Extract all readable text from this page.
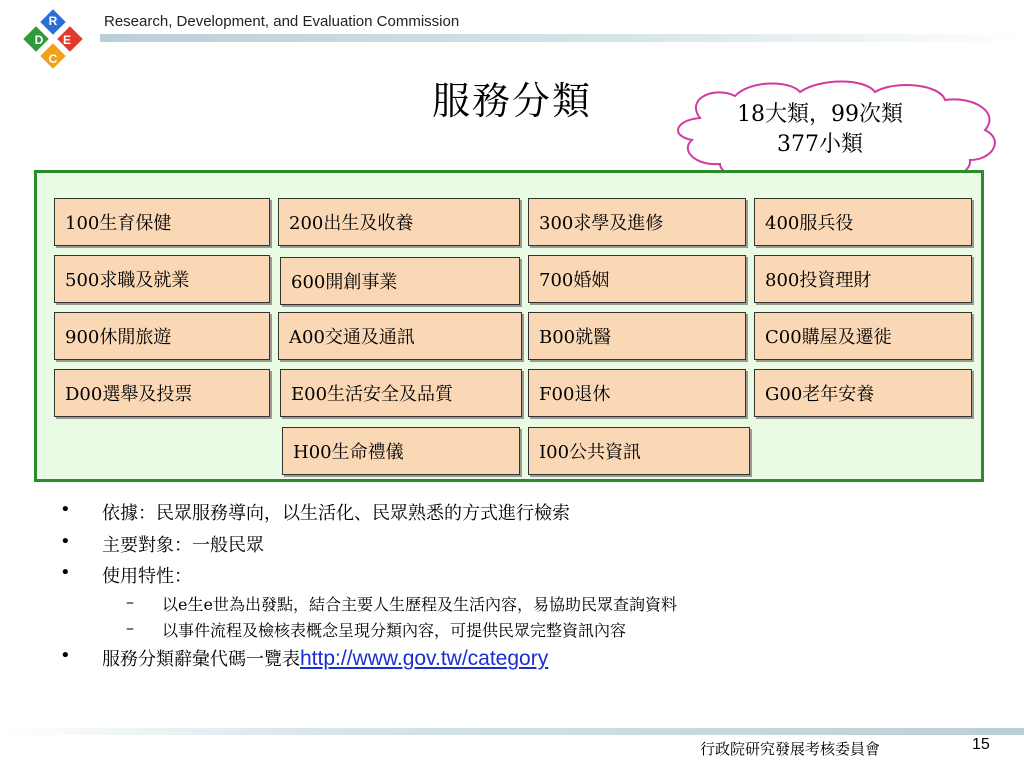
R
D E
C
Research, Development, and Evaluation Commission
服務分類	18大類，99次類
377小類
100生育保健	200出生及收養	300求學及進修	400服兵役
500求職及就業	600開創事業	700婚姻	800投資理財
900休閒旅遊	A00交通及通訊	B00就醫	C00購屋及遷徙
D00選舉及投票	E00生活安全及品質	F00退休	G00老年安養
H00生命禮儀	I00公共資訊
• 依據：民眾服務導向，以生活化、民眾熟悉的方式進行檢索
• 主要對象：一般民眾
• 使用特性：
– 以e生e世為出發點，結合主要人生歷程及生活內容，易協助民眾查詢資料
– 以事件流程及檢核表概念呈現分類內容，可提供民眾完整資訊內容
• 服務分類辭彙代碼一覽表http://www.gov.tw/category
行政院研究發展考核委員會	15
